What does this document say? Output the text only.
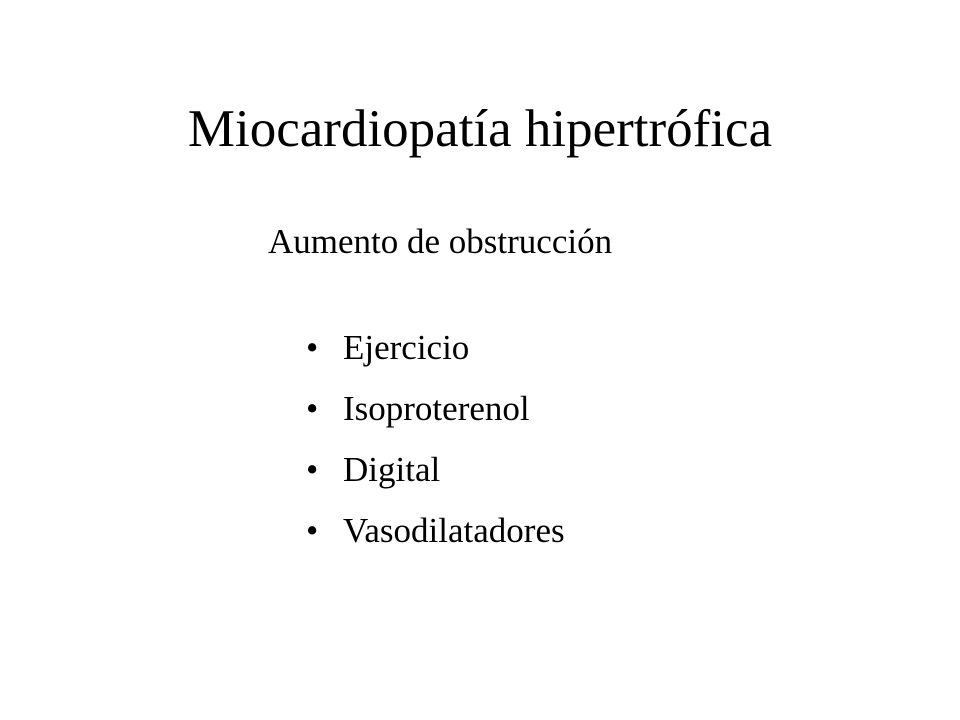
Miocardiopatía hipertrófica
Aumento de obstrucción
• Ejercicio
• Isoproterenol
• Digital
• Vasodilatadores
